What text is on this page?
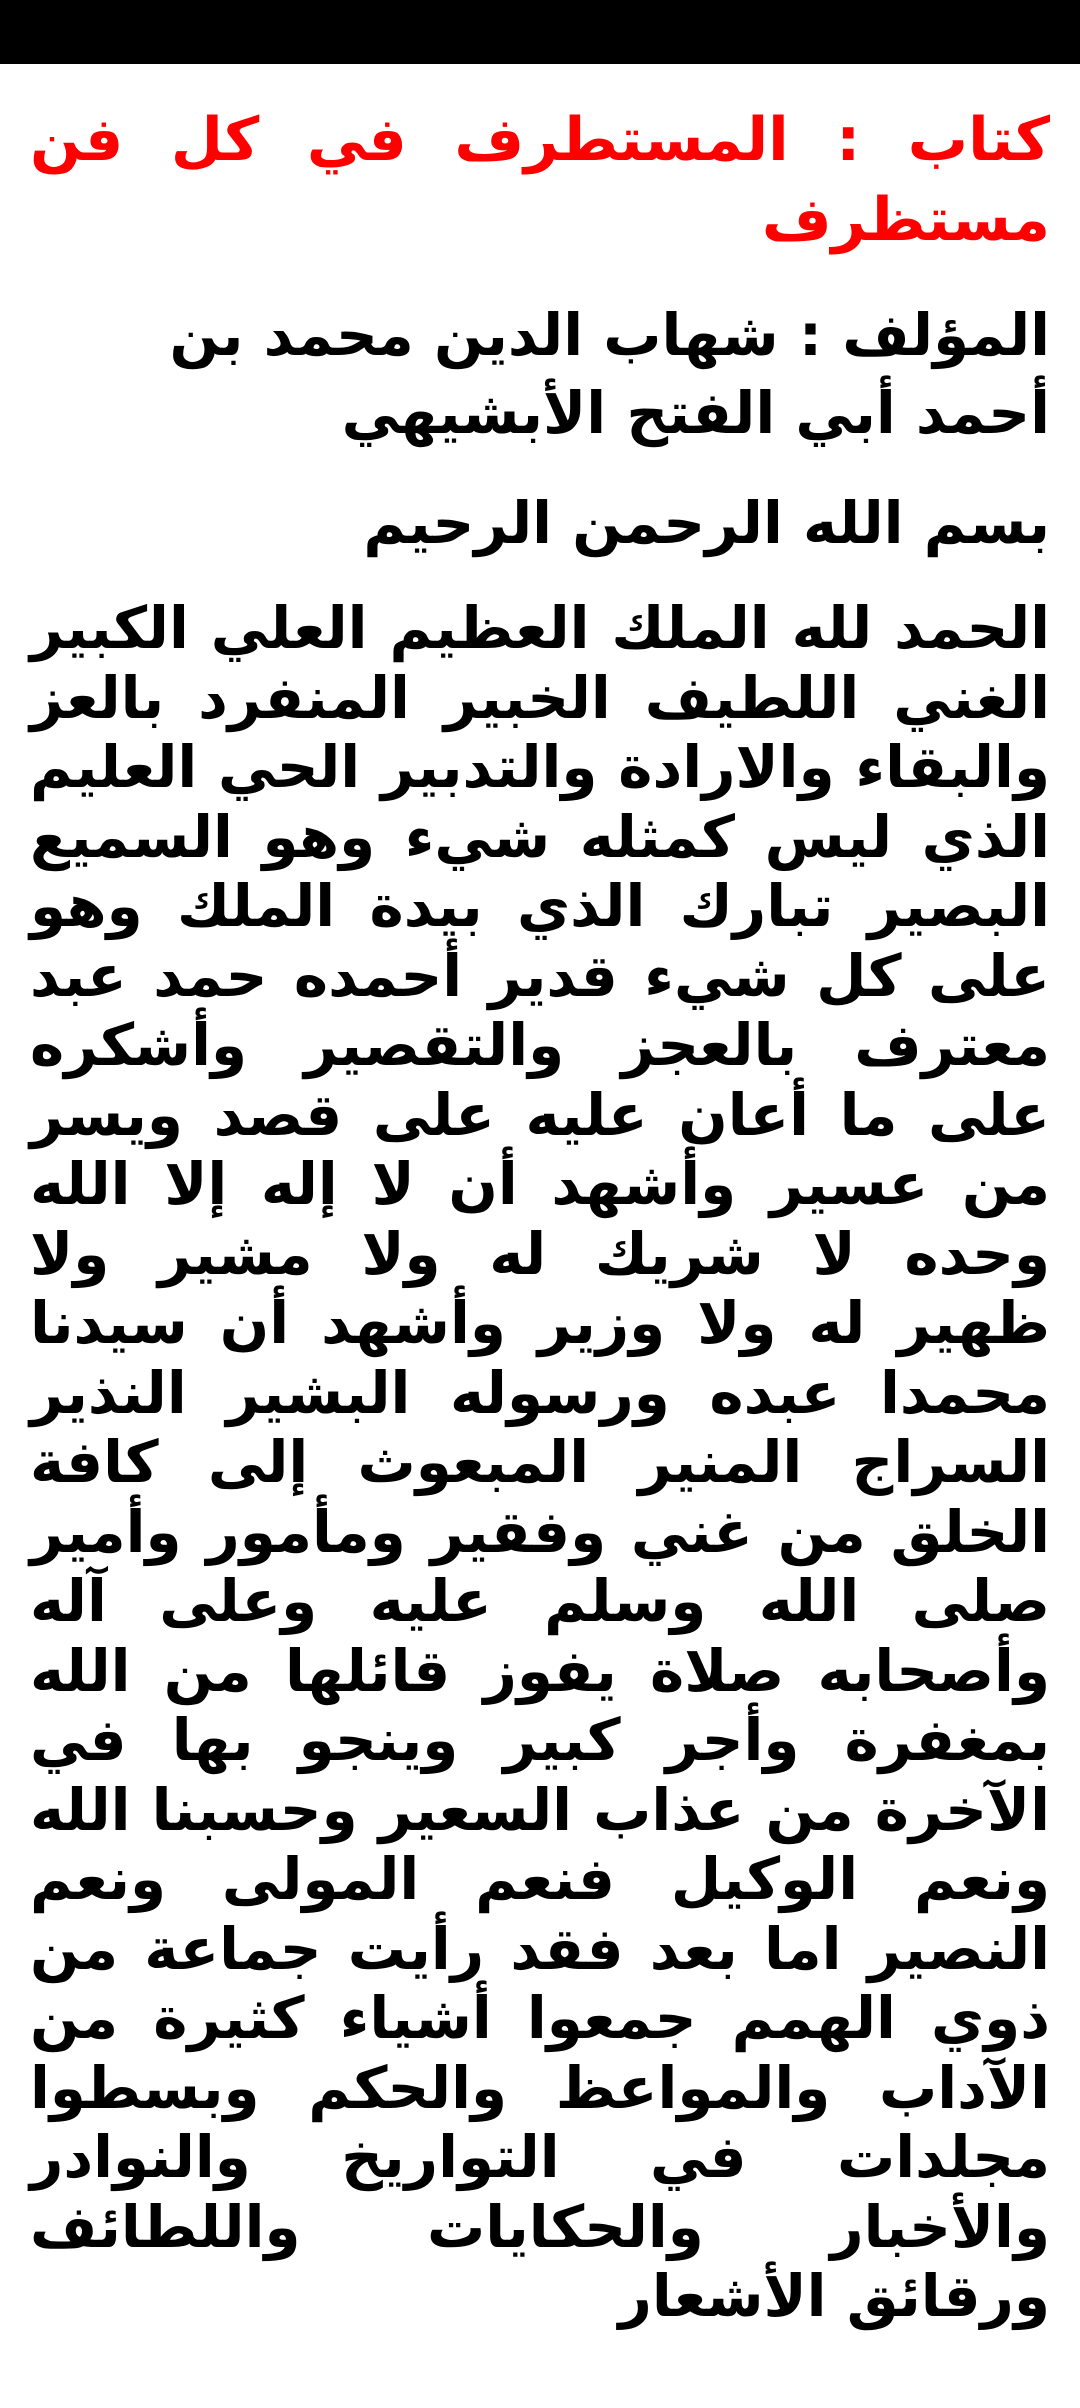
كتاب : المستطرف في كل فن مستظرف
المؤلف : شهاب الدين محمد بن أحمد أبي الفتح الأبشيهي
بسم الله الرحمن الرحيم

الحمد لله الملك العظيم العلي الكبير الغني اللطيف الخبير المنفرد بالعز والبقاء والارادة والتدبير الحي العليم الذي ليس كمثله شيء وهو السميع البصير تبارك الذي بيدة الملك وهو على كل شيء قدير أحمده حمد عبد معترف بالعجز والتقصير وأشكره على ما أعان عليه على قصد ويسر من عسير وأشهد أن لا إله إلا الله وحده لا شريك له ولا مشير ولا ظهير له ولا وزير وأشهد أن سيدنا محمدا عبده ورسوله البشير النذير السراج المنير المبعوث إلى كافة الخلق من غني وفقير ومأمور وأمير صلى الله وسلم عليه وعلى آله وأصحابه صلاة يفوز قائلها من الله بمغفرة وأجر كبير وينجو بها في الآخرة من عذاب السعير وحسبنا الله ونعم الوكيل فنعم المولى ونعم النصير اما بعد فقد رأيت جماعة من ذوي الهمم جمعوا أشياء كثيرة من الآداب والمواعظ والحكم وبسطوا مجلدات في التواريخ والنوادر والأخبار والحكايات واللطائف ورقائق الأشعار
